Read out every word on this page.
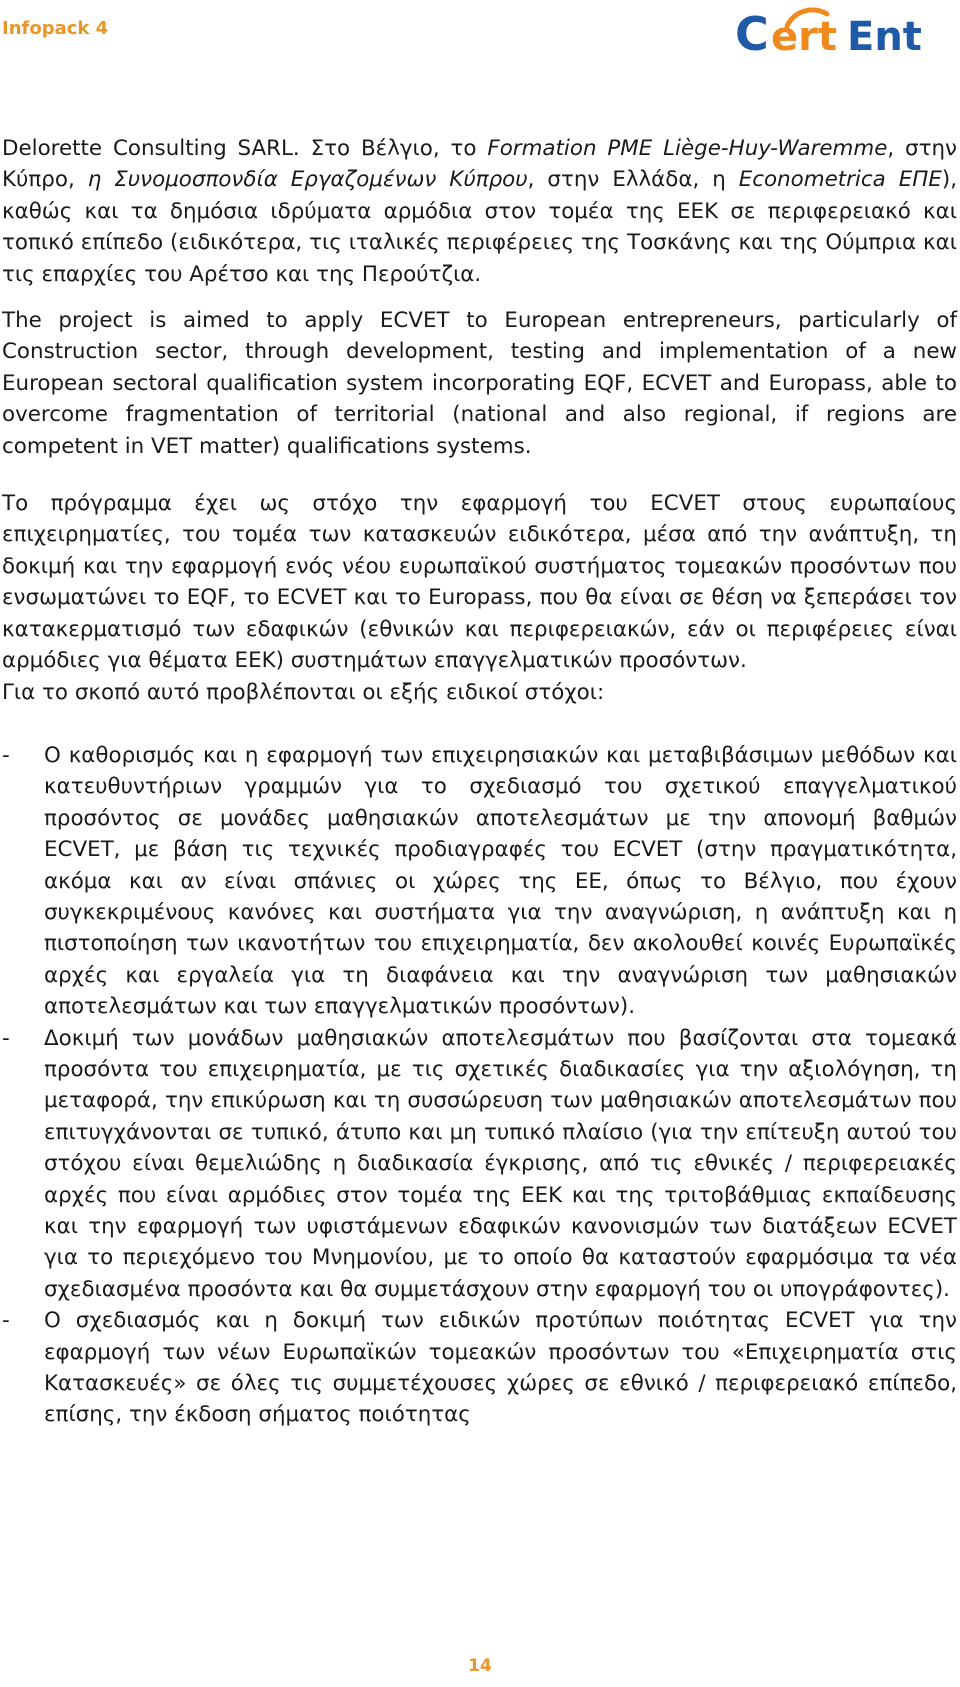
Infopack 4	C ert Ent

Delorette Consulting SARL. Στο Βέλγιο, το Formation PME Liège-Huy-Waremme, στην Κύπρο, η Συνομοσπονδία Εργαζομένων Κύπρου, στην Ελλάδα, η Econometrica ΕΠΕ), καθώς και τα δημόσια ιδρύματα αρμόδια στον τομέα της ΕΕΚ σε περιφερειακό και τοπικό επίπεδο (ειδικότερα, τις ιταλικές περιφέρειες της Τοσκάνης και της Ούμπρια και τις επαρχίες του Αρέτσο και της Περούτζια.

The project is aimed to apply ECVET to European entrepreneurs, particularly of Construction sector, through development, testing and implementation of a new European sectoral qualification system incorporating EQF, ECVET and Europass, able to overcome fragmentation of territorial (national and also regional, if regions are competent in VET matter) qualifications systems.

Το πρόγραμμα έχει ως στόχο την εφαρμογή του ECVET στους ευρωπαίους επιχειρηματίες, του τομέα των κατασκευών ειδικότερα, μέσα από την ανάπτυξη, τη δοκιμή και την εφαρμογή ενός νέου ευρωπαϊκού συστήματος τομεακών προσόντων που ενσωματώνει το EQF, το ECVET και το Europass, που θα είναι σε θέση να ξεπεράσει τον κατακερματισμό των εδαφικών (εθνικών και περιφερειακών, εάν οι περιφέρειες είναι αρμόδιες για θέματα ΕΕΚ) συστημάτων επαγγελματικών προσόντων.

Για το σκοπό αυτό προβλέπονται οι εξής ειδικοί στόχοι:

-	Ο καθορισμός και η εφαρμογή των επιχειρησιακών και μεταβιβάσιμων μεθόδων και κατευθυντήριων γραμμών για το σχεδιασμό του σχετικού επαγγελματικού προσόντος σε μονάδες μαθησιακών αποτελεσμάτων με την απονομή βαθμών ECVET, με βάση τις τεχνικές προδιαγραφές του ECVET (στην πραγματικότητα, ακόμα και αν είναι σπάνιες οι χώρες της ΕΕ, όπως το Βέλγιο, που έχουν συγκεκριμένους κανόνες και συστήματα για την αναγνώριση, η ανάπτυξη και η πιστοποίηση των ικανοτήτων του επιχειρηματία, δεν ακολουθεί κοινές Ευρωπαϊκές αρχές και εργαλεία για τη διαφάνεια και την αναγνώριση των μαθησιακών αποτελεσμάτων και των επαγγελματικών προσόντων).
-	Δοκιμή των μονάδων μαθησιακών αποτελεσμάτων που βασίζονται στα τομεακά προσόντα του επιχειρηματία, με τις σχετικές διαδικασίες για την αξιολόγηση, τη μεταφορά, την επικύρωση και τη συσσώρευση των μαθησιακών αποτελεσμάτων που επιτυγχάνονται σε τυπικό, άτυπο και μη τυπικό πλαίσιο (για την επίτευξη αυτού του στόχου είναι θεμελιώδης η διαδικασία έγκρισης, από τις εθνικές / περιφερειακές αρχές που είναι αρμόδιες στον τομέα της ΕΕΚ και της τριτοβάθμιας εκπαίδευσης και την εφαρμογή των υφιστάμενων εδαφικών κανονισμών των διατάξεων ECVET για το περιεχόμενο του Μνημονίου, με το οποίο θα καταστούν εφαρμόσιμα τα νέα σχεδιασμένα προσόντα και θα συμμετάσχουν στην εφαρμογή του οι υπογράφοντες).
-	Ο σχεδιασμός και η δοκιμή των ειδικών προτύπων ποιότητας ECVET για την εφαρμογή των νέων Ευρωπαϊκών τομεακών προσόντων του «Επιχειρηματία στις Κατασκευές» σε όλες τις συμμετέχουσες χώρες σε εθνικό / περιφερειακό επίπεδο, επίσης, την έκδοση σήματος ποιότητας
14
